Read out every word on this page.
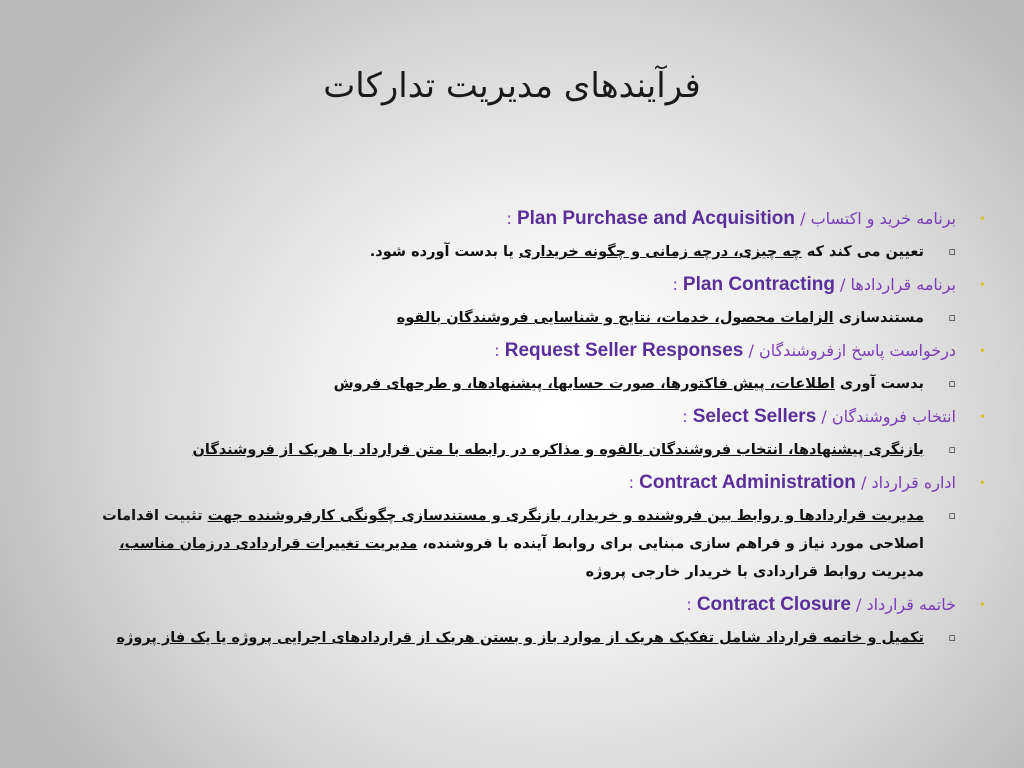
فرآیندهای مدیریت تدارکات
•
برنامه خرید و اکتساب / Plan Purchase and Acquisition :
▫
تعیین می کند که چه چیزی، درچه زمانی و چگونه خریداری یا بدست آورده شود.
•
برنامه قراردادها / Plan Contracting :
▫
مستندسازی الزامات محصول، خدمات، نتایج و شناسایی فروشندگان بالقوه
•
درخواست پاسخ ازفروشندگان / Request Seller Responses :
▫
بدست آوری اطلاعات، پیش فاکتورها، صورت حسابها، پیشنهادها، و طرحهای فروش
•
انتخاب فروشندگان / Select Sellers :
▫
بازنگری پیشنهادها، انتخاب فروشندگان بالقوه و مذاکره در رابطه با متن قرارداد با هریک از فروشندگان
•
اداره قرارداد / Contract Administration :
▫
مدیریت قراردادها و روابط بین فروشنده و خریدار، بازنگری و مستندسازی چگونگی کارفروشنده جهت تثبیت اقدامات اصلاحی مورد نیاز و فراهم سازی مبنایی برای روابط آینده با فروشنده، مدیریت تغییرات قراردادی درزمان مناسب، مدیریت روابط قراردادی با خریدار خارجی پروژه
•
خاتمه قرارداد / Contract Closure :
▫
تکمیل و خاتمه قرارداد شامل تفکیک هریک از موارد باز و بستن هریک از قراردادهای اجرایی پروژه یا یک فاز پروژه
